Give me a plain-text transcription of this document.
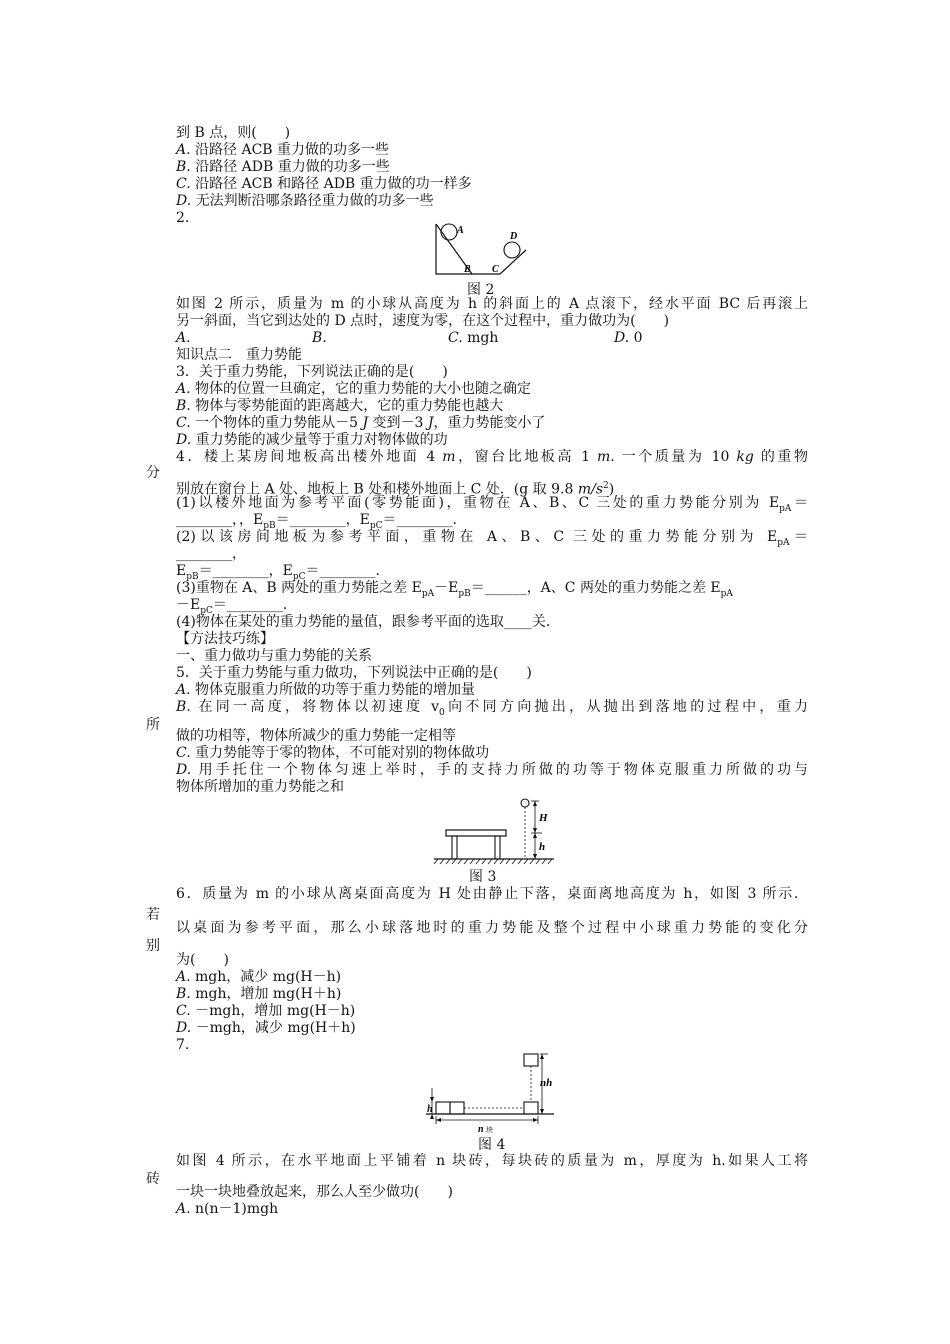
到 B 点，则(　　)
A. 沿路径 ACB 重力做的功多一些
B. 沿路径 ADB 重力做的功多一些
C. 沿路径 ACB 和路径 ADB 重力做的功一样多
D. 无法判断沿哪条路径重力做的功多一些
2.
A
B C
D
图 2
如图 2 所示，质量为 m 的小球从高度为 h 的斜面上的 A 点滚下，经水平面 BC 后再滚上
另一斜面，当它到达处的 D 点时，速度为零，在这个过程中，重力做功为(　　)
A.	B.	C. mgh	D. 0
知识点二　重力势能
3．关于重力势能，下列说法正确的是(　　)
A. 物体的位置一旦确定，它的重力势能的大小也随之确定
B. 物体与零势能面的距离越大，它的重力势能也越大
C. 一个物体的重力势能从－5 J 变到－3 J，重力势能变小了
D. 重力势能的减少量等于重力对物体做的功
4．楼上某房间地板高出楼外地面 4 m，窗台比地板高 1 m. 一个质量为 10 kg 的重物
分
别放在窗台上 A 处、地板上 B 处和楼外地面上 C 处．(g 取 9.8 $m/s^2$)
(1)以楼外地面为参考平面(零势能面)，重物在 A、B、C 三处的重力势能分别为 $E_{pA}=$
________，，$E_{pB}=\_\_\_\_\_\_\_\_$，$E_{pC}=\_\_\_\_\_\_\_\_$.
(2)以该房间地板为参考平面，重物在 A、B、C 三处的重力势能分别为 $E_{pA}=$
________，
$E_{pB}=\_\_\_\_\_\_\_\_$，$E_{pC}=\_\_\_\_\_\_\_\_$.
(3)重物在 A、B 两处的重力势能之差 $E_{pA}-E_{pB}=\_\_\_\_\_\_$，A、C 两处的重力势能之差 $E_{pA}$
$-E_{pC}=\_\_\_\_\_\_\_\_$.
(4)物体在某处的重力势能的量值，跟参考平面的选取____关．
【方法技巧练】
一、重力做功与重力势能的关系
5．关于重力势能与重力做功，下列说法中正确的是(　　)
A. 物体克服重力所做的功等于重力势能的增加量
B. 在同一高度，将物体以初速度 $v_0$向不同方向抛出，从抛出到落地的过程中，重力
所
做的功相等，物体所减少的重力势能一定相等
C. 重力势能等于零的物体，不可能对别的物体做功
D. 用手托住一个物体匀速上举时，手的支持力所做的功等于物体克服重力所做的功与
物体所增加的重力势能之和
H
h
图 3
6．质量为 m 的小球从离桌面高度为 H 处由静止下落，桌面离地高度为 h，如图 3 所示．
若
以桌面为参考平面，那么小球落地时的重力势能及整个过程中小球重力势能的变化分
别
为(　　)
A. mgh，减少 mg(H－h)
B. mgh，增加 mg(H＋h)
C. －mgh，增加 mg(H－h)
D. －mgh，减少 mg(H＋h)
7.
nh
h
n 块
图 4
如图 4 所示，在水平地面上平铺着 n 块砖，每块砖的质量为 m，厚度为 h.如果人工将
砖
一块一块地叠放起来，那么人至少做功(　　)
A. n(n－1)mgh
